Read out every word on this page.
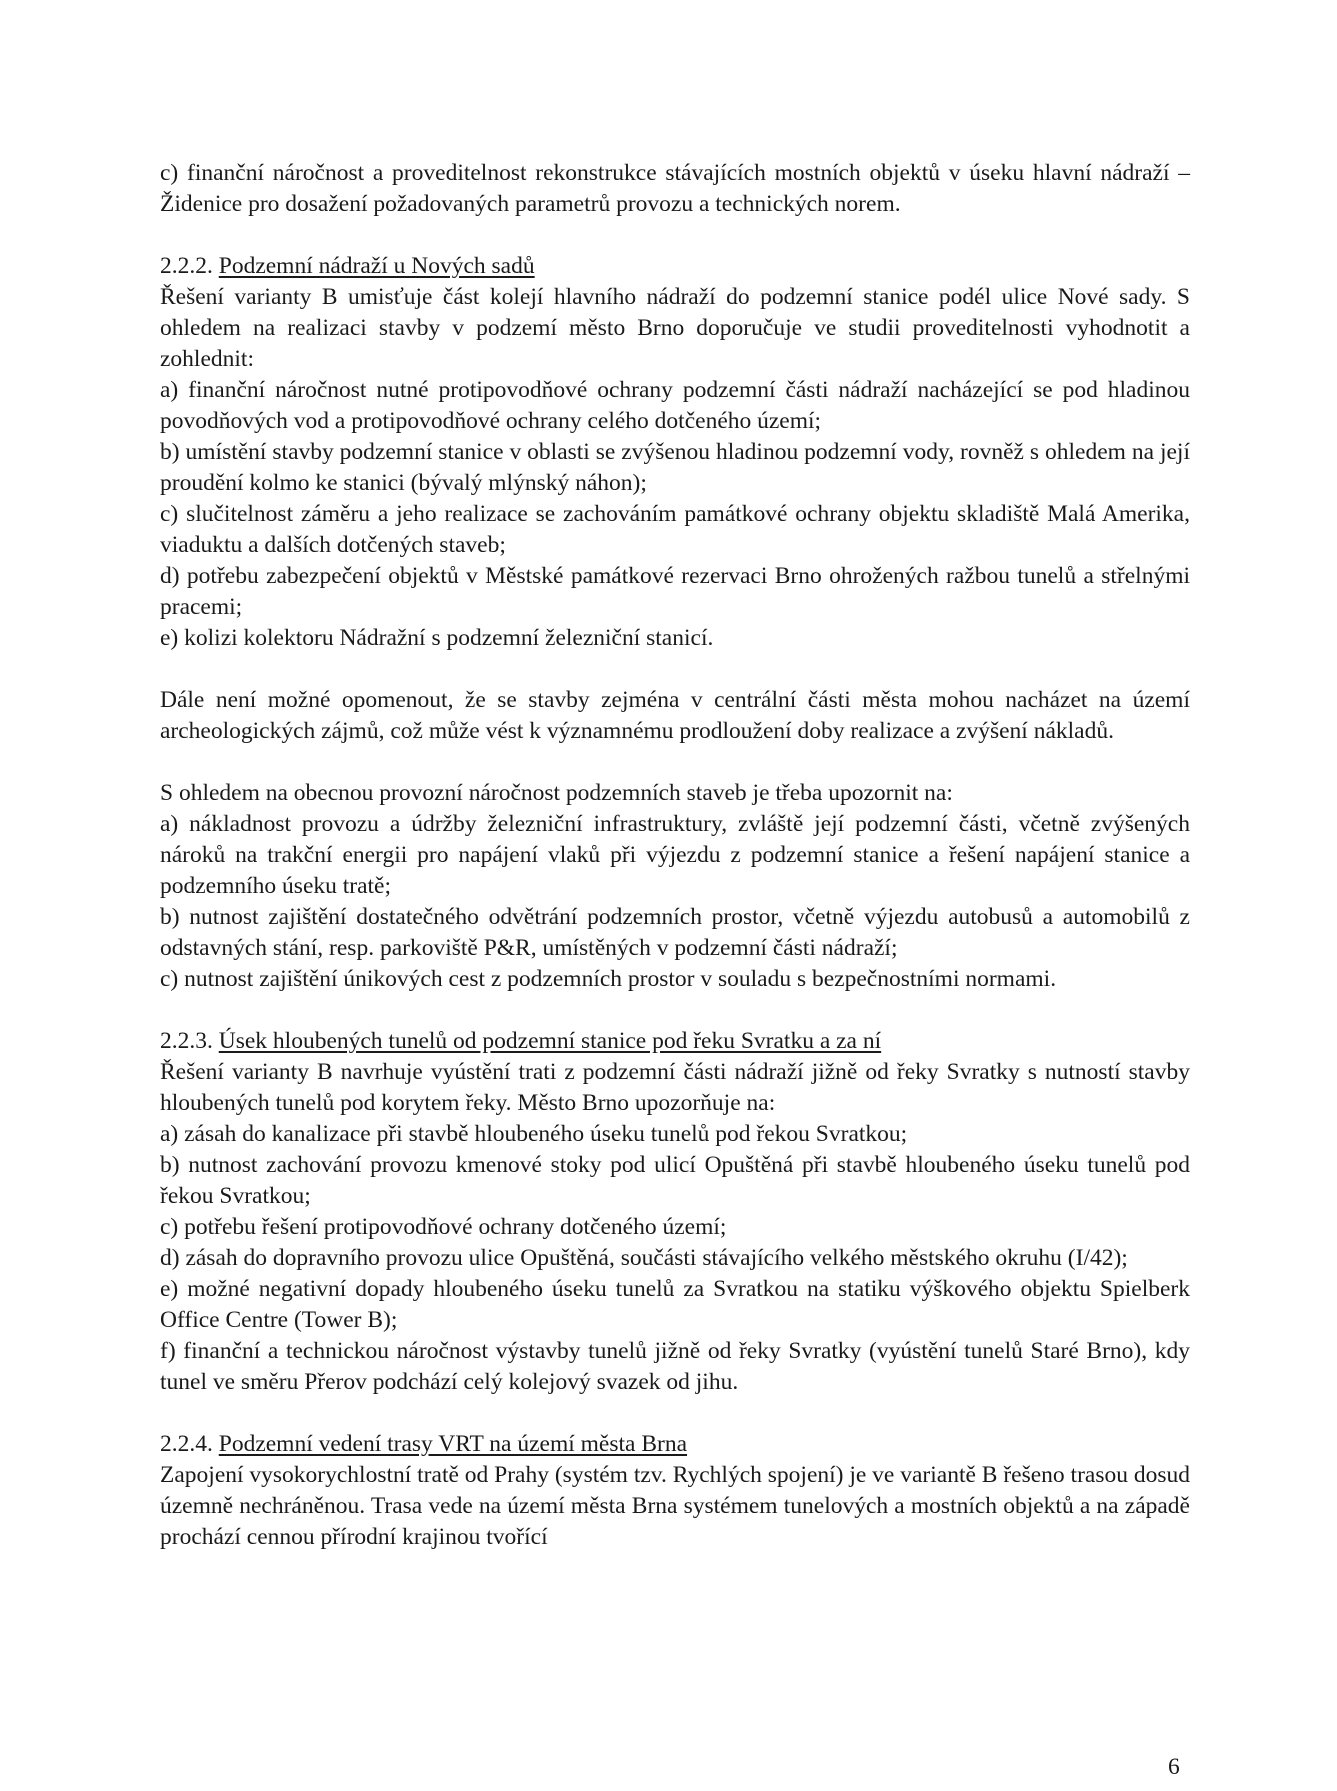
c) finanční náročnost a proveditelnost rekonstrukce stávajících mostních objektů v úseku hlavní nádraží – Židenice pro dosažení požadovaných parametrů provozu a technických norem.

2.2.2. Podzemní nádraží u Nových sadů

Řešení varianty B umisťuje část kolejí hlavního nádraží do podzemní stanice podél ulice Nové sady. S ohledem na realizaci stavby v podzemí město Brno doporučuje ve studii proveditelnosti vyhodnotit a zohlednit:

a) finanční náročnost nutné protipovodňové ochrany podzemní části nádraží nacházející se pod hladinou povodňových vod a protipovodňové ochrany celého dotčeného území;

b) umístění stavby podzemní stanice v oblasti se zvýšenou hladinou podzemní vody, rovněž s ohledem na její proudění kolmo ke stanici (bývalý mlýnský náhon);

c) slučitelnost záměru a jeho realizace se zachováním památkové ochrany objektu skladiště Malá Amerika, viaduktu a dalších dotčených staveb;

d) potřebu zabezpečení objektů v Městské památkové rezervaci Brno ohrožených ražbou tunelů a střelnými pracemi;

e) kolizi kolektoru Nádražní s podzemní železniční stanicí.

Dále není možné opomenout, že se stavby zejména v centrální části města mohou nacházet na území archeologických zájmů, což může vést k významnému prodloužení doby realizace a zvýšení nákladů.

S ohledem na obecnou provozní náročnost podzemních staveb je třeba upozornit na:

a) nákladnost provozu a údržby železniční infrastruktury, zvláště její podzemní části, včetně zvýšených nároků na trakční energii pro napájení vlaků při výjezdu z podzemní stanice a řešení napájení stanice a podzemního úseku tratě;

b) nutnost zajištění dostatečného odvětrání podzemních prostor, včetně výjezdu autobusů a automobilů z odstavných stání, resp. parkoviště P&R, umístěných v podzemní části nádraží;

c) nutnost zajištění únikových cest z podzemních prostor v souladu s bezpečnostními normami.

2.2.3. Úsek hloubených tunelů od podzemní stanice pod řeku Svratku a za ní

Řešení varianty B navrhuje vyústění trati z podzemní části nádraží jižně od řeky Svratky s nutností stavby hloubených tunelů pod korytem řeky. Město Brno upozorňuje na:

a) zásah do kanalizace při stavbě hloubeného úseku tunelů pod řekou Svratkou;

b) nutnost zachování provozu kmenové stoky pod ulicí Opuštěná při stavbě hloubeného úseku tunelů pod řekou Svratkou;

c) potřebu řešení protipovodňové ochrany dotčeného území;

d) zásah do dopravního provozu ulice Opuštěná, součásti stávajícího velkého městského okruhu (I/42);

e) možné negativní dopady hloubeného úseku tunelů za Svratkou na statiku výškového objektu Spielberk Office Centre (Tower B);

f) finanční a technickou náročnost výstavby tunelů jižně od řeky Svratky (vyústění tunelů Staré Brno), kdy tunel ve směru Přerov podchází celý kolejový svazek od jihu.

2.2.4. Podzemní vedení trasy VRT na území města Brna

Zapojení vysokorychlostní tratě od Prahy (systém tzv. Rychlých spojení) je ve variantě B řešeno trasou dosud územně nechráněnou. Trasa vede na území města Brna systémem tunelových a mostních objektů a na západě prochází cennou přírodní krajinou tvořící

6
